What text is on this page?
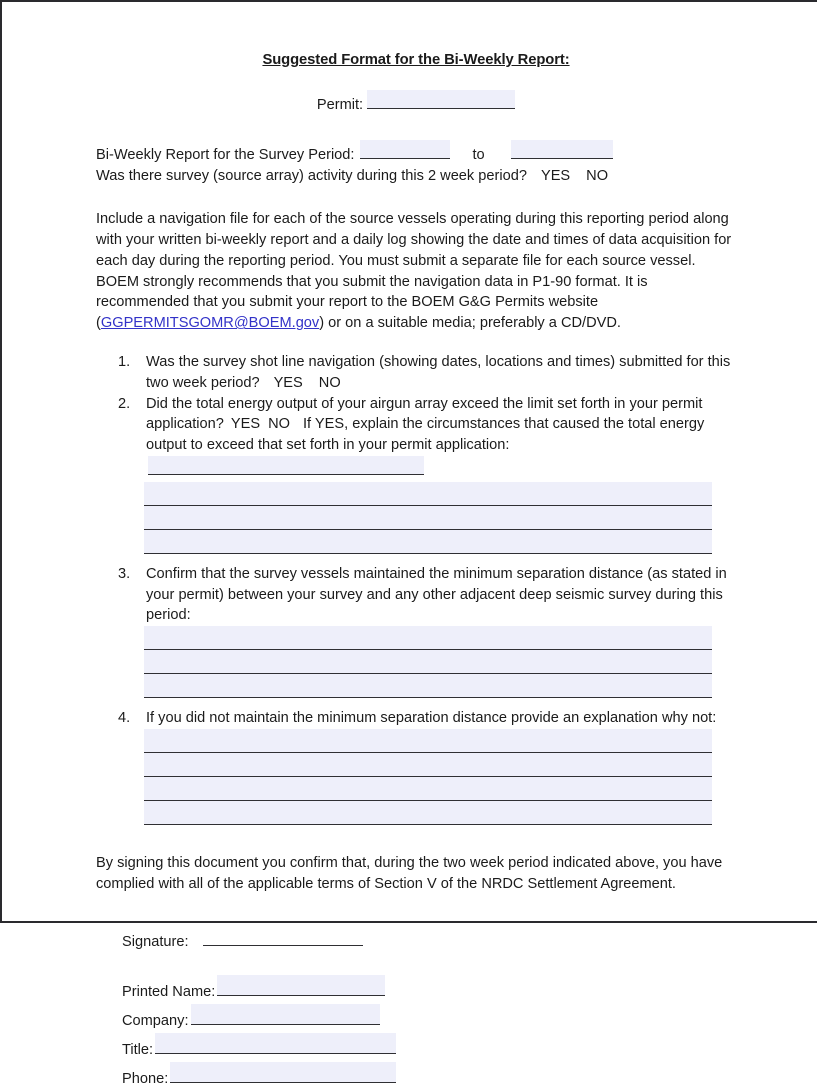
Suggested Format for the Bi-Weekly Report:
Permit:
Bi-Weekly Report for the Survey Period:	to
Was there survey (source array) activity during this 2 week period? YES NO

Include a navigation file for each of the source vessels operating during this reporting period along with your written bi-weekly report and a daily log showing the date and times of data acquisition for each day during the reporting period. You must submit a separate file for each source vessel. BOEM strongly recommends that you submit the navigation data in P1-90 format. It is recommended that you submit your report to the BOEM G&G Permits website (GGPERMITSGOMR@BOEM.gov) or on a suitable media; preferably a CD/DVD.

1.	Was the survey shot line navigation (showing dates, locations and times) submitted for this two week period? YES NO
2.	Did the total energy output of your airgun array exceed the limit set forth in your permit application? YES NO If YES, explain the circumstances that caused the total energy output to exceed that set forth in your permit application:
3.	Confirm that the survey vessels maintained the minimum separation distance (as stated in your permit) between your survey and any other adjacent deep seismic survey during this period:
4.	If you did not maintain the minimum separation distance provide an explanation why not:

By signing this document you confirm that, during the two week period indicated above, you have complied with all of the applicable terms of Section V of the NRDC Settlement Agreement.

Signature:
Printed Name:
Company:
Title:
Phone:
